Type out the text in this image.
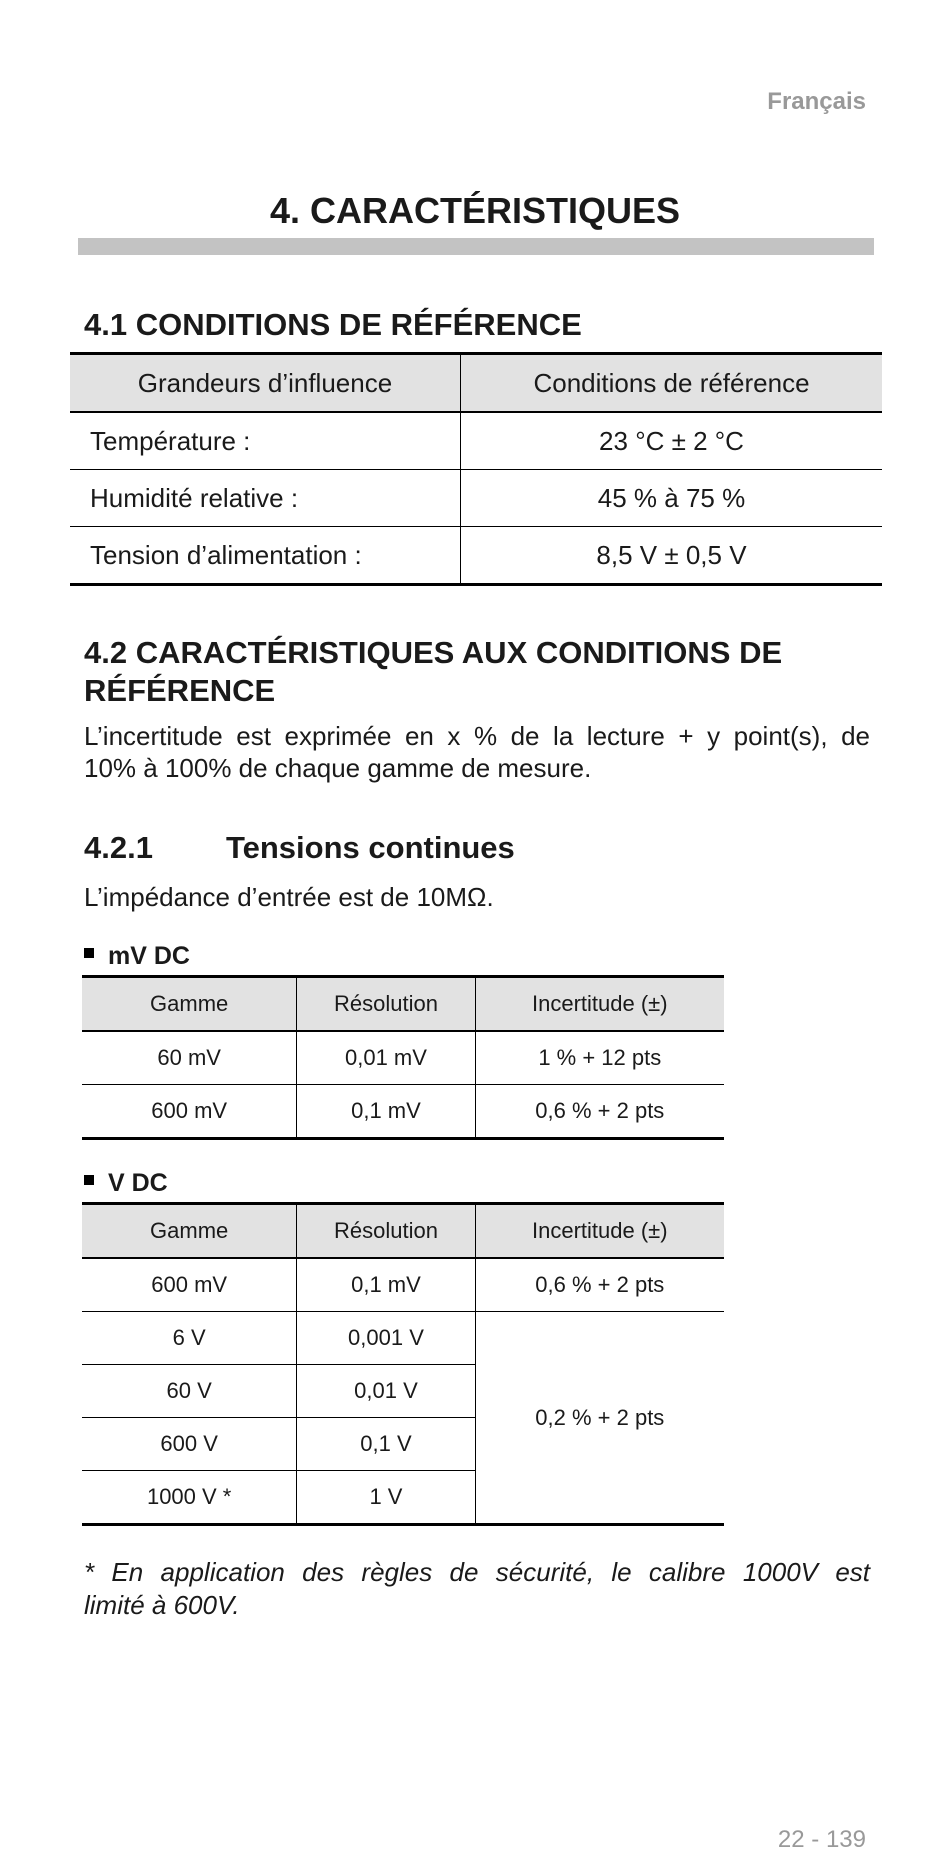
Français
4. CARACTÉRISTIQUES
4.1 CONDITIONS DE RÉFÉRENCE
Grandeurs d’influence	Conditions de référence
Température :	23 °C ± 2 °C
Humidité relative :	45 % à 75 %
Tension d’alimentation :	8,5 V ± 0,5 V
4.2 CARACTÉRISTIQUES AUX CONDITIONS DE
RÉFÉRENCE
L’incertitude est exprimée en x % de la lecture + y point(s), de
10% à 100% de chaque gamme de mesure.
4.2.1 Tensions continues
L’impédance d’entrée est de 10MΩ.
mV DC
Gamme	Résolution	Incertitude (±)
60 mV	0,01 mV	1 % + 12 pts
600 mV	0,1 mV	0,6 % + 2 pts
V DC
Gamme	Résolution	Incertitude (±)
600 mV	0,1 mV	0,6 % + 2 pts
6 V	0,001 V	0,2 % + 2 pts
60 V	0,01 V	
600 V	0,1 V	
1000 V *	1 V	
* En application des règles de sécurité, le calibre 1000V est
limité à 600V.
22 - 139
